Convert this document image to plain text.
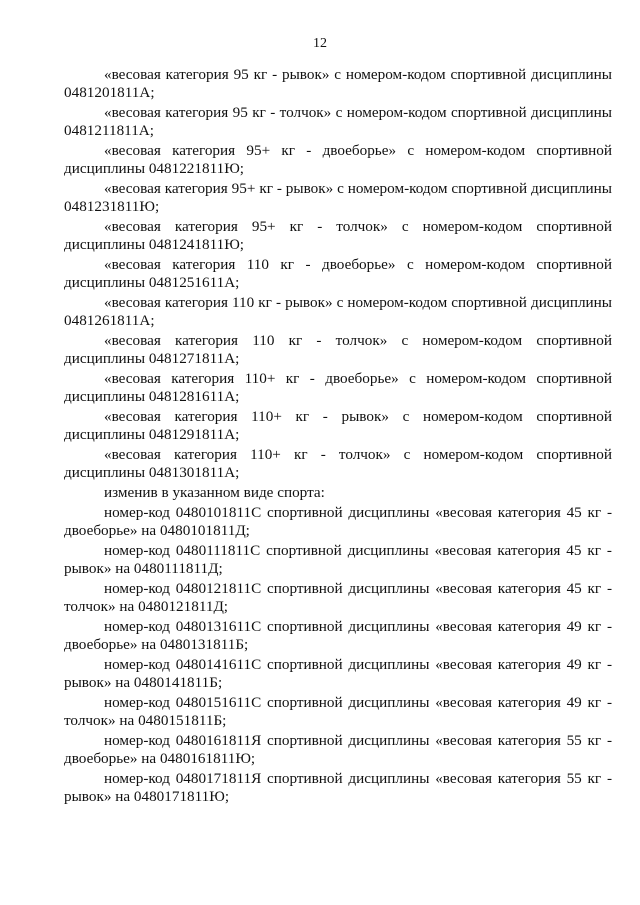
12

«весовая категория 95 кг - рывок» с номером-кодом спортивной дисциплины 0481201811А;

«весовая категория 95 кг - толчок» с номером-кодом спортивной дисциплины 0481211811А;

«весовая категория 95+ кг - двоеборье» с номером-кодом спортивной дисциплины 0481221811Ю;

«весовая категория 95+ кг - рывок» с номером-кодом спортивной дисциплины 0481231811Ю;

«весовая категория 95+ кг - толчок» с номером-кодом спортивной дисциплины 0481241811Ю;

«весовая категория 110 кг - двоеборье» с номером-кодом спортивной дисциплины 0481251611А;

«весовая категория 110 кг - рывок» с номером-кодом спортивной дисциплины 0481261811А;

«весовая категория 110 кг - толчок» с номером-кодом спортивной дисциплины 0481271811А;

«весовая категория 110+ кг - двоеборье» с номером-кодом спортивной дисциплины 0481281611А;

«весовая категория 110+ кг - рывок» с номером-кодом спортивной дисциплины 0481291811А;

«весовая категория 110+ кг - толчок» с номером-кодом спортивной дисциплины 0481301811А;

изменив в указанном виде спорта:

номер-код 0480101811С спортивной дисциплины «весовая категория 45 кг - двоеборье» на 0480101811Д;

номер-код 0480111811С спортивной дисциплины «весовая категория 45 кг - рывок» на 0480111811Д;

номер-код 0480121811С спортивной дисциплины «весовая категория 45 кг - толчок» на 0480121811Д;

номер-код 0480131611С спортивной дисциплины «весовая категория 49 кг - двоеборье» на 0480131811Б;

номер-код 0480141611С спортивной дисциплины «весовая категория 49 кг - рывок» на 0480141811Б;

номер-код 0480151611С спортивной дисциплины «весовая категория 49 кг - толчок» на 0480151811Б;

номер-код 0480161811Я спортивной дисциплины «весовая категория 55 кг - двоеборье» на 0480161811Ю;

номер-код 0480171811Я спортивной дисциплины «весовая категория 55 кг - рывок» на 0480171811Ю;
